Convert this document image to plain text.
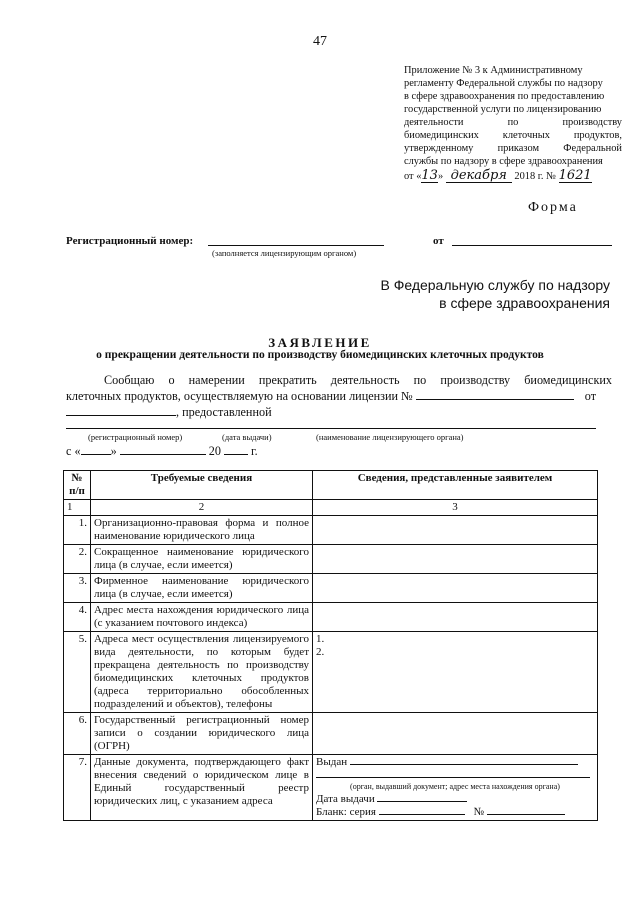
47
Приложение № 3 к Административному
регламенту Федеральной службы по надзору
в сфере здравоохранения по предоставлению
государственной услуги по лицензированию
деятельности по производству
биомедицинских клеточных продуктов,
утвержденному приказом Федеральной
службы по надзору в сфере здравоохранения
от «13» декабря 2018 г. № 1621
Форма
Регистрационный номер:
(заполняется лицензирующим органом)
от
В Федеральную службу по надзору
в сфере здравоохранения
ЗАЯВЛЕНИЕ
о прекращении деятельности по производству биомедицинских клеточных продуктов
Сообщаю о намерении прекратить деятельность по производству биомедицинских
клеточных продуктов, осуществляемую на основании лицензии №	от
, предоставленной
(регистрационный номер)	(дата выдачи)	(наименование лицензирующего органа)
с « »	20 г.
№ п/п	Требуемые сведения	Сведения, представленные заявителем
1	2	3
1.	Организационно-правовая форма и полное наименование юридического лица	
2.	Сокращенное наименование юридического лица (в случае, если имеется)	
3.	Фирменное наименование юридического лица (в случае, если имеется)	
4.	Адрес места нахождения юридического лица (с указанием почтового индекса)	
5.	Адреса мест осуществления лицензируемого вида деятельности, по которым будет прекращена деятельность по производству биомедицинских клеточных продуктов (адреса территориально обособленных подразделений и объектов), телефоны	1.
2.

6.	Государственный регистрационный номер записи о создании юридического лица (ОГРН)	
7.	Данные документа, подтверждающего факт внесения сведений о юридическом лице в Единый государственный реестр юридических лиц, с указанием адреса	Выдан
(орган, выдавший документ; адрес места нахождения органа)
Дата выдачи
Бланк: серия №
